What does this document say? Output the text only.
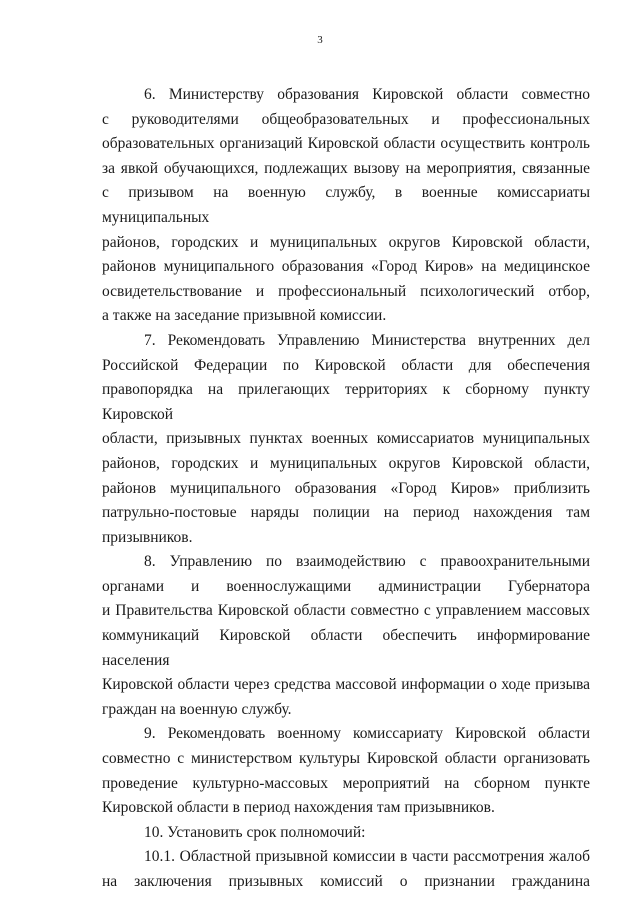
3
6. Министерству образования Кировской области совместно
с руководителями общеобразовательных и профессиональных
образовательных организаций Кировской области осуществить контроль
за явкой обучающихся, подлежащих вызову на мероприятия, связанные
с призывом на военную службу, в военные комиссариаты муниципальных
районов, городских и муниципальных округов Кировской области,
районов муниципального образования «Город Киров» на медицинское
освидетельствование и профессиональный психологический отбор,
а также на заседание призывной комиссии.
7. Рекомендовать Управлению Министерства внутренних дел
Российской Федерации по Кировской области для обеспечения
правопорядка на прилегающих территориях к сборному пункту Кировской
области, призывных пунктах военных комиссариатов муниципальных
районов, городских и муниципальных округов Кировской области,
районов муниципального образования «Город Киров» приблизить
патрульно-постовые наряды полиции на период нахождения там
призывников.
8. Управлению по взаимодействию с правоохранительными
органами и военнослужащими администрации Губернатора
и Правительства Кировской области совместно с управлением массовых
коммуникаций Кировской области обеспечить информирование населения
Кировской области через средства массовой информации о ходе призыва
граждан на военную службу.
9. Рекомендовать военному комиссариату Кировской области
совместно с министерством культуры Кировской области организовать
проведение культурно-массовых мероприятий на сборном пункте
Кировской области в период нахождения там призывников.
10. Установить срок полномочий:
10.1. Областной призывной комиссии в части рассмотрения жалоб
на заключения призывных комиссий о признании гражданина
